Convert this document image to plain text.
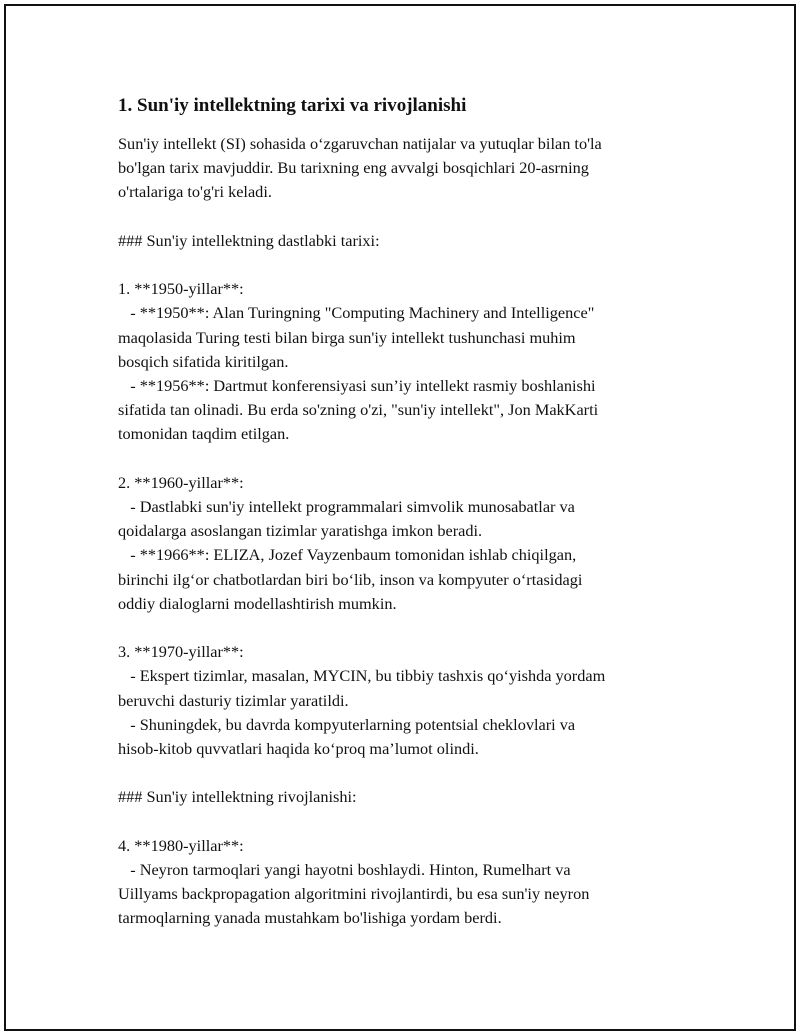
1. Sun'iy intellektning tarixi va rivojlanishi
Sun'iy intellekt (SI) sohasida oʻzgaruvchan natijalar va yutuqlar bilan to'la
bo'lgan tarix mavjuddir. Bu tarixning eng avvalgi bosqichlari 20-asrning
o'rtalariga to'g'ri keladi.
### Sun'iy intellektning dastlabki tarixi:
1. **1950-yillar**:
- **1950**: Alan Turingning "Computing Machinery and Intelligence"
maqolasida Turing testi bilan birga sun'iy intellekt tushunchasi muhim
bosqich sifatida kiritilgan.
- **1956**: Dartmut konferensiyasi sun’iy intellekt rasmiy boshlanishi
sifatida tan olinadi. Bu erda so'zning o'zi, "sun'iy intellekt", Jon MakKarti
tomonidan taqdim etilgan.
2. **1960-yillar**:
- Dastlabki sun'iy intellekt programmalari simvolik munosabatlar va
qoidalarga asoslangan tizimlar yaratishga imkon beradi.
- **1966**: ELIZA, Jozef Vayzenbaum tomonidan ishlab chiqilgan,
birinchi ilgʻor chatbotlardan biri boʻlib, inson va kompyuter oʻrtasidagi
oddiy dialoglarni modellashtirish mumkin.
3. **1970-yillar**:
- Ekspert tizimlar, masalan, MYCIN, bu tibbiy tashxis qoʻyishda yordam
beruvchi dasturiy tizimlar yaratildi.
- Shuningdek, bu davrda kompyuterlarning potentsial cheklovlari va
hisob-kitob quvvatlari haqida koʻproq maʼlumot olindi.
### Sun'iy intellektning rivojlanishi:
4. **1980-yillar**:
- Neyron tarmoqlari yangi hayotni boshlaydi. Hinton, Rumelhart va
Uillyams backpropagation algoritmini rivojlantirdi, bu esa sun'iy neyron
tarmoqlarning yanada mustahkam bo'lishiga yordam berdi.
